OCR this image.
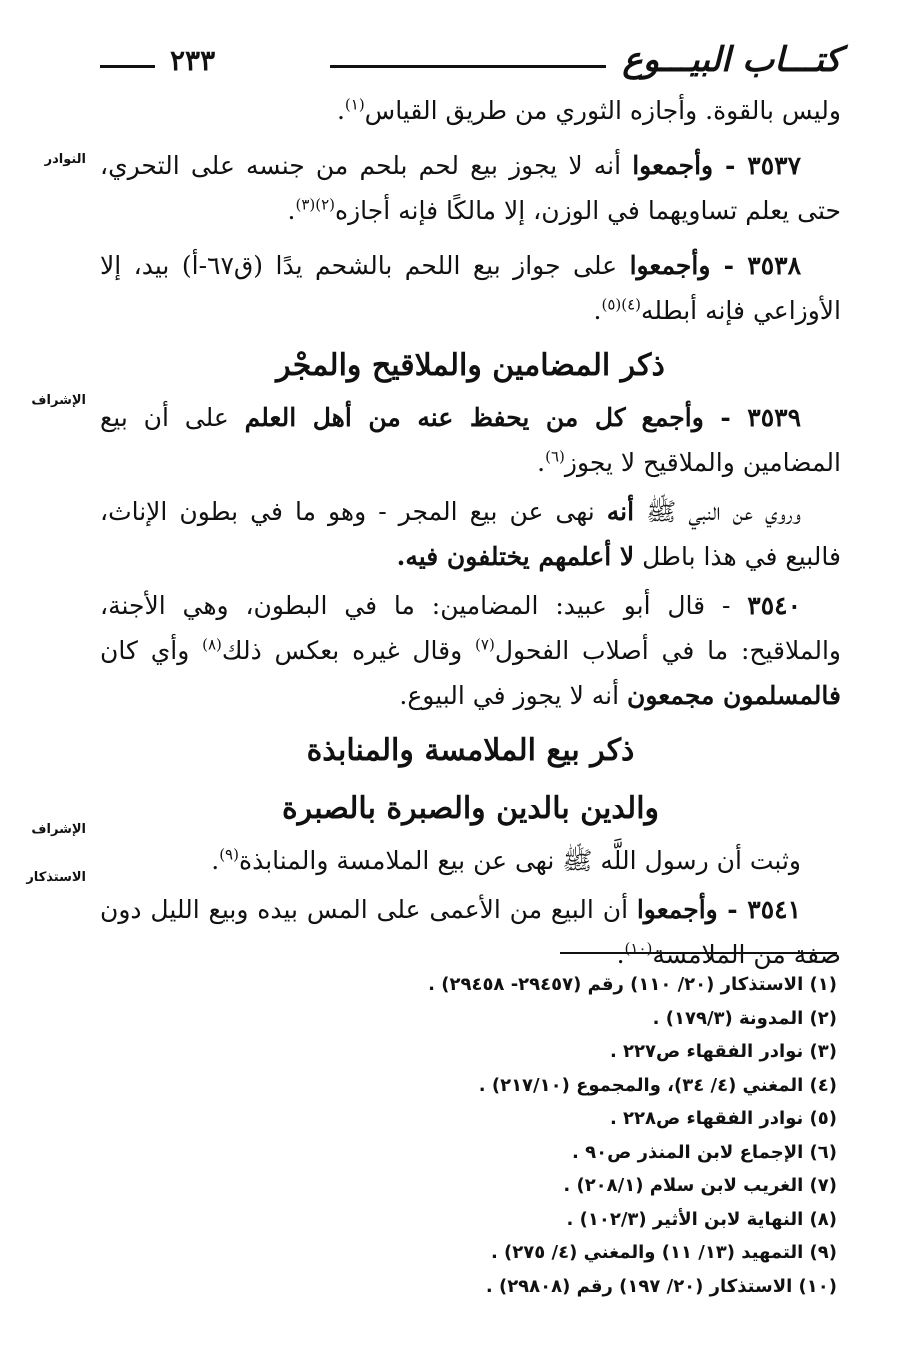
كتـــاب البيـــوع
٢٣٣
النوادر
الإشراف
الإشراف
الاستذكار

وليس بالقوة. وأجازه الثوري من طريق القياس$^{(١)}$.

٣٥٣٧ - وأجمعوا أنه لا يجوز بيع لحم بلحم من جنسه على التحري، حتى يعلم تساويهما في الوزن، إلا مالكًا فإنه أجازه$^{(٢)(٣)}$.

٣٥٣٨ - وأجمعوا على جواز بيع اللحم بالشحم يدًا (ق٦٧-أ) بيد، إلا الأوزاعي فإنه أبطله$^{(٤)(٥)}$.

ذكر المضامين والملاقيح والمجْر

٣٥٣٩ - وأجمع كل من يحفظ عنه من أهل العلم على أن بيع المضامين والملاقيح لا يجوز$^{(٦)}$.

وروي عن النبي ﷺ أنه نهى عن بيع المجر - وهو ما في بطون الإناث، فالبيع في هذا باطل لا أعلمهم يختلفون فيه.

٣٥٤٠ - قال أبو عبيد: المضامين: ما في البطون، وهي الأجنة، والملاقيح: ما في أصلاب الفحول$^{(٧)}$ وقال غيره بعكس ذلك$^{(٨)}$ وأي كان فالمسلمون مجمعون أنه لا يجوز في البيوع.

ذكر بيع الملامسة والمنابذة

والدين بالدين والصبرة بالصبرة

وثبت أن رسول اللَّه ﷺ نهى عن بيع الملامسة والمنابذة$^{(٩)}$.

٣٥٤١ - وأجمعوا أن البيع من الأعمى على المس بيده وبيع الليل دون صفة من الملامسة$^{(١٠)}$.

(١) الاستذكار (٢٠/ ١١٠) رقم (٢٩٤٥٧- ٢٩٤٥٨) .
(٢) المدونة (١٧٩/٣) .
(٣) نوادر الفقهاء ص٢٢٧ .
(٤) المغني (٤/ ٣٤)، والمجموع (٢١٧/١٠) .
(٥) نوادر الفقهاء ص٢٢٨ .
(٦) الإجماع لابن المنذر ص٩٠ .
(٧) الغريب لابن سلام (٢٠٨/١) .
(٨) النهاية لابن الأثير (١٠٢/٣) .
(٩) التمهيد (١٣/ ١١) والمغني (٤/ ٢٧٥) .
(١٠) الاستذكار (٢٠/ ١٩٧) رقم (٢٩٨٠٨) .
